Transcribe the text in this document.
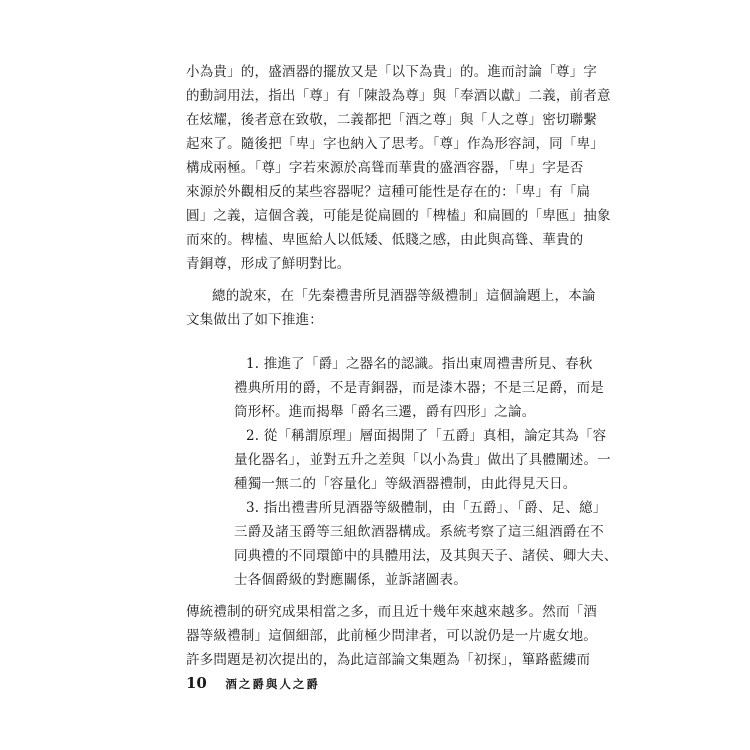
小為貴」的，盛酒器的擺放又是「以下為貴」的。進而討論「尊」字
的動詞用法，指出「尊」有「陳設為尊」與「奉酒以獻」二義，前者意
在炫耀，後者意在致敬，二義都把「酒之尊」與「人之尊」密切聯繫
起來了。隨後把「卑」字也納入了思考。「尊」作為形容詞，同「卑」
構成兩極。「尊」字若來源於高聳而華貴的盛酒容器，「卑」字是否
來源於外觀相反的某些容器呢？這種可能性是存在的：「卑」有「扁
圓」之義，這個含義，可能是從扁圓的「椑榼」和扁圓的「卑匜」抽象
而來的。椑榼、卑匜給人以低矮、低賤之感，由此與高聳、華貴的
青銅尊，形成了鮮明對比。
總的說來，在「先秦禮書所見酒器等級禮制」這個論題上，本論
文集做出了如下推進：
1. 推進了「爵」之器名的認識。指出東周禮書所見、春秋
禮典所用的爵，不是青銅器，而是漆木器；不是三足爵，而是
筒形杯。進而揭舉「爵名三遷，爵有四形」之論。
2. 從「稱謂原理」層面揭開了「五爵」真相，論定其為「容
量化器名」，並對五升之差與「以小為貴」做出了具體闡述。一
種獨一無二的「容量化」等級酒器禮制，由此得見天日。
3. 指出禮書所見酒器等級體制，由「五爵」、「爵、足、繶」
三爵及諸玉爵等三組飲酒器構成。系統考察了這三組酒爵在不
同典禮的不同環節中的具體用法，及其與天子、諸侯、卿大夫、
士各個爵級的對應關係，並訴諸圖表。
傳統禮制的研究成果相當之多，而且近十幾年來越來越多。然而「酒
器等級禮制」這個細部，此前極少問津者，可以說仍是一片處女地。
許多問題是初次提出的，為此這部論文集題為「初探」，篳路藍縷而
10 酒之爵與人之爵
